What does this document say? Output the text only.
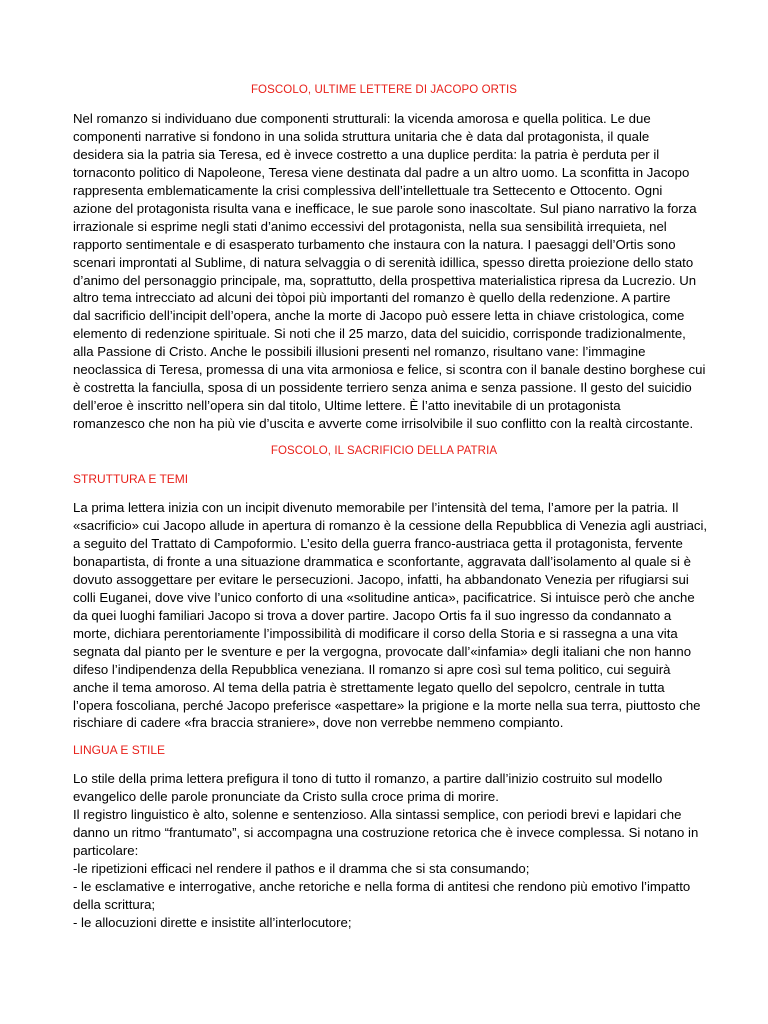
FOSCOLO, ULTIME LETTERE DI JACOPO ORTIS
Nel romanzo si individuano due componenti strutturali: la vicenda amorosa e quella politica. Le due
componenti narrative si fondono in una solida struttura unitaria che è data dal protagonista, il quale
desidera sia la patria sia Teresa, ed è invece costretto a una duplice perdita: la patria è perduta per il
tornaconto politico di Napoleone, Teresa viene destinata dal padre a un altro uomo. La sconfitta in Jacopo
rappresenta emblematicamente la crisi complessiva dell’intellettuale tra Settecento e Ottocento. Ogni
azione del protagonista risulta vana e inefficace, le sue parole sono inascoltate. Sul piano narrativo la forza
irrazionale si esprime negli stati d’animo eccessivi del protagonista, nella sua sensibilità irrequieta, nel
rapporto sentimentale e di esasperato turbamento che instaura con la natura. I paesaggi dell’Ortis sono
scenari improntati al Sublime, di natura selvaggia o di serenità idillica, spesso diretta proiezione dello stato
d’animo del personaggio principale, ma, soprattutto, della prospettiva materialistica ripresa da Lucrezio. Un
altro tema intrecciato ad alcuni dei tòpoi più importanti del romanzo è quello della redenzione. A partire
dal sacrificio dell’incipit dell’opera, anche la morte di Jacopo può essere letta in chiave cristologica, come
elemento di redenzione spirituale. Si noti che il 25 marzo, data del suicidio, corrisponde tradizionalmente,
alla Passione di Cristo. Anche le possibili illusioni presenti nel romanzo, risultano vane: l’immagine
neoclassica di Teresa, promessa di una vita armoniosa e felice, si scontra con il banale destino borghese cui
è costretta la fanciulla, sposa di un possidente terriero senza anima e senza passione. Il gesto del suicidio
dell’eroe è inscritto nell’opera sin dal titolo, Ultime lettere. È l’atto inevitabile di un protagonista
romanzesco che non ha più vie d’uscita e avverte come irrisolvibile il suo conflitto con la realtà circostante.
FOSCOLO, IL SACRIFICIO DELLA PATRIA
STRUTTURA E TEMI
La prima lettera inizia con un incipit divenuto memorabile per l’intensità del tema, l’amore per la patria. Il
«sacrificio» cui Jacopo allude in apertura di romanzo è la cessione della Repubblica di Venezia agli austriaci,
a seguito del Trattato di Campoformio. L’esito della guerra franco-austriaca getta il protagonista, fervente
bonapartista, di fronte a una situazione drammatica e sconfortante, aggravata dall’isolamento al quale si è
dovuto assoggettare per evitare le persecuzioni. Jacopo, infatti, ha abbandonato Venezia per rifugiarsi sui
colli Euganei, dove vive l’unico conforto di una «solitudine antica», pacificatrice. Si intuisce però che anche
da quei luoghi familiari Jacopo si trova a dover partire. Jacopo Ortis fa il suo ingresso da condannato a
morte, dichiara perentoriamente l’impossibilità di modificare il corso della Storia e si rassegna a una vita
segnata dal pianto per le sventure e per la vergogna, provocate dall’«infamia» degli italiani che non hanno
difeso l’indipendenza della Repubblica veneziana. Il romanzo si apre così sul tema politico, cui seguirà
anche il tema amoroso. Al tema della patria è strettamente legato quello del sepolcro, centrale in tutta
l’opera foscoliana, perché Jacopo preferisce «aspettare» la prigione e la morte nella sua terra, piuttosto che
rischiare di cadere «fra braccia straniere», dove non verrebbe nemmeno compianto.
LINGUA E STILE
Lo stile della prima lettera prefigura il tono di tutto il romanzo, a partire dall’inizio costruito sul modello
evangelico delle parole pronunciate da Cristo sulla croce prima di morire.
Il registro linguistico è alto, solenne e sentenzioso. Alla sintassi semplice, con periodi brevi e lapidari che
danno un ritmo “frantumato”, si accompagna una costruzione retorica che è invece complessa. Si notano in
particolare:
-le ripetizioni efficaci nel rendere il pathos e il dramma che si sta consumando;
- le esclamative e interrogative, anche retoriche e nella forma di antitesi che rendono più emotivo l’impatto
della scrittura;
- le allocuzioni dirette e insistite all’interlocutore;
